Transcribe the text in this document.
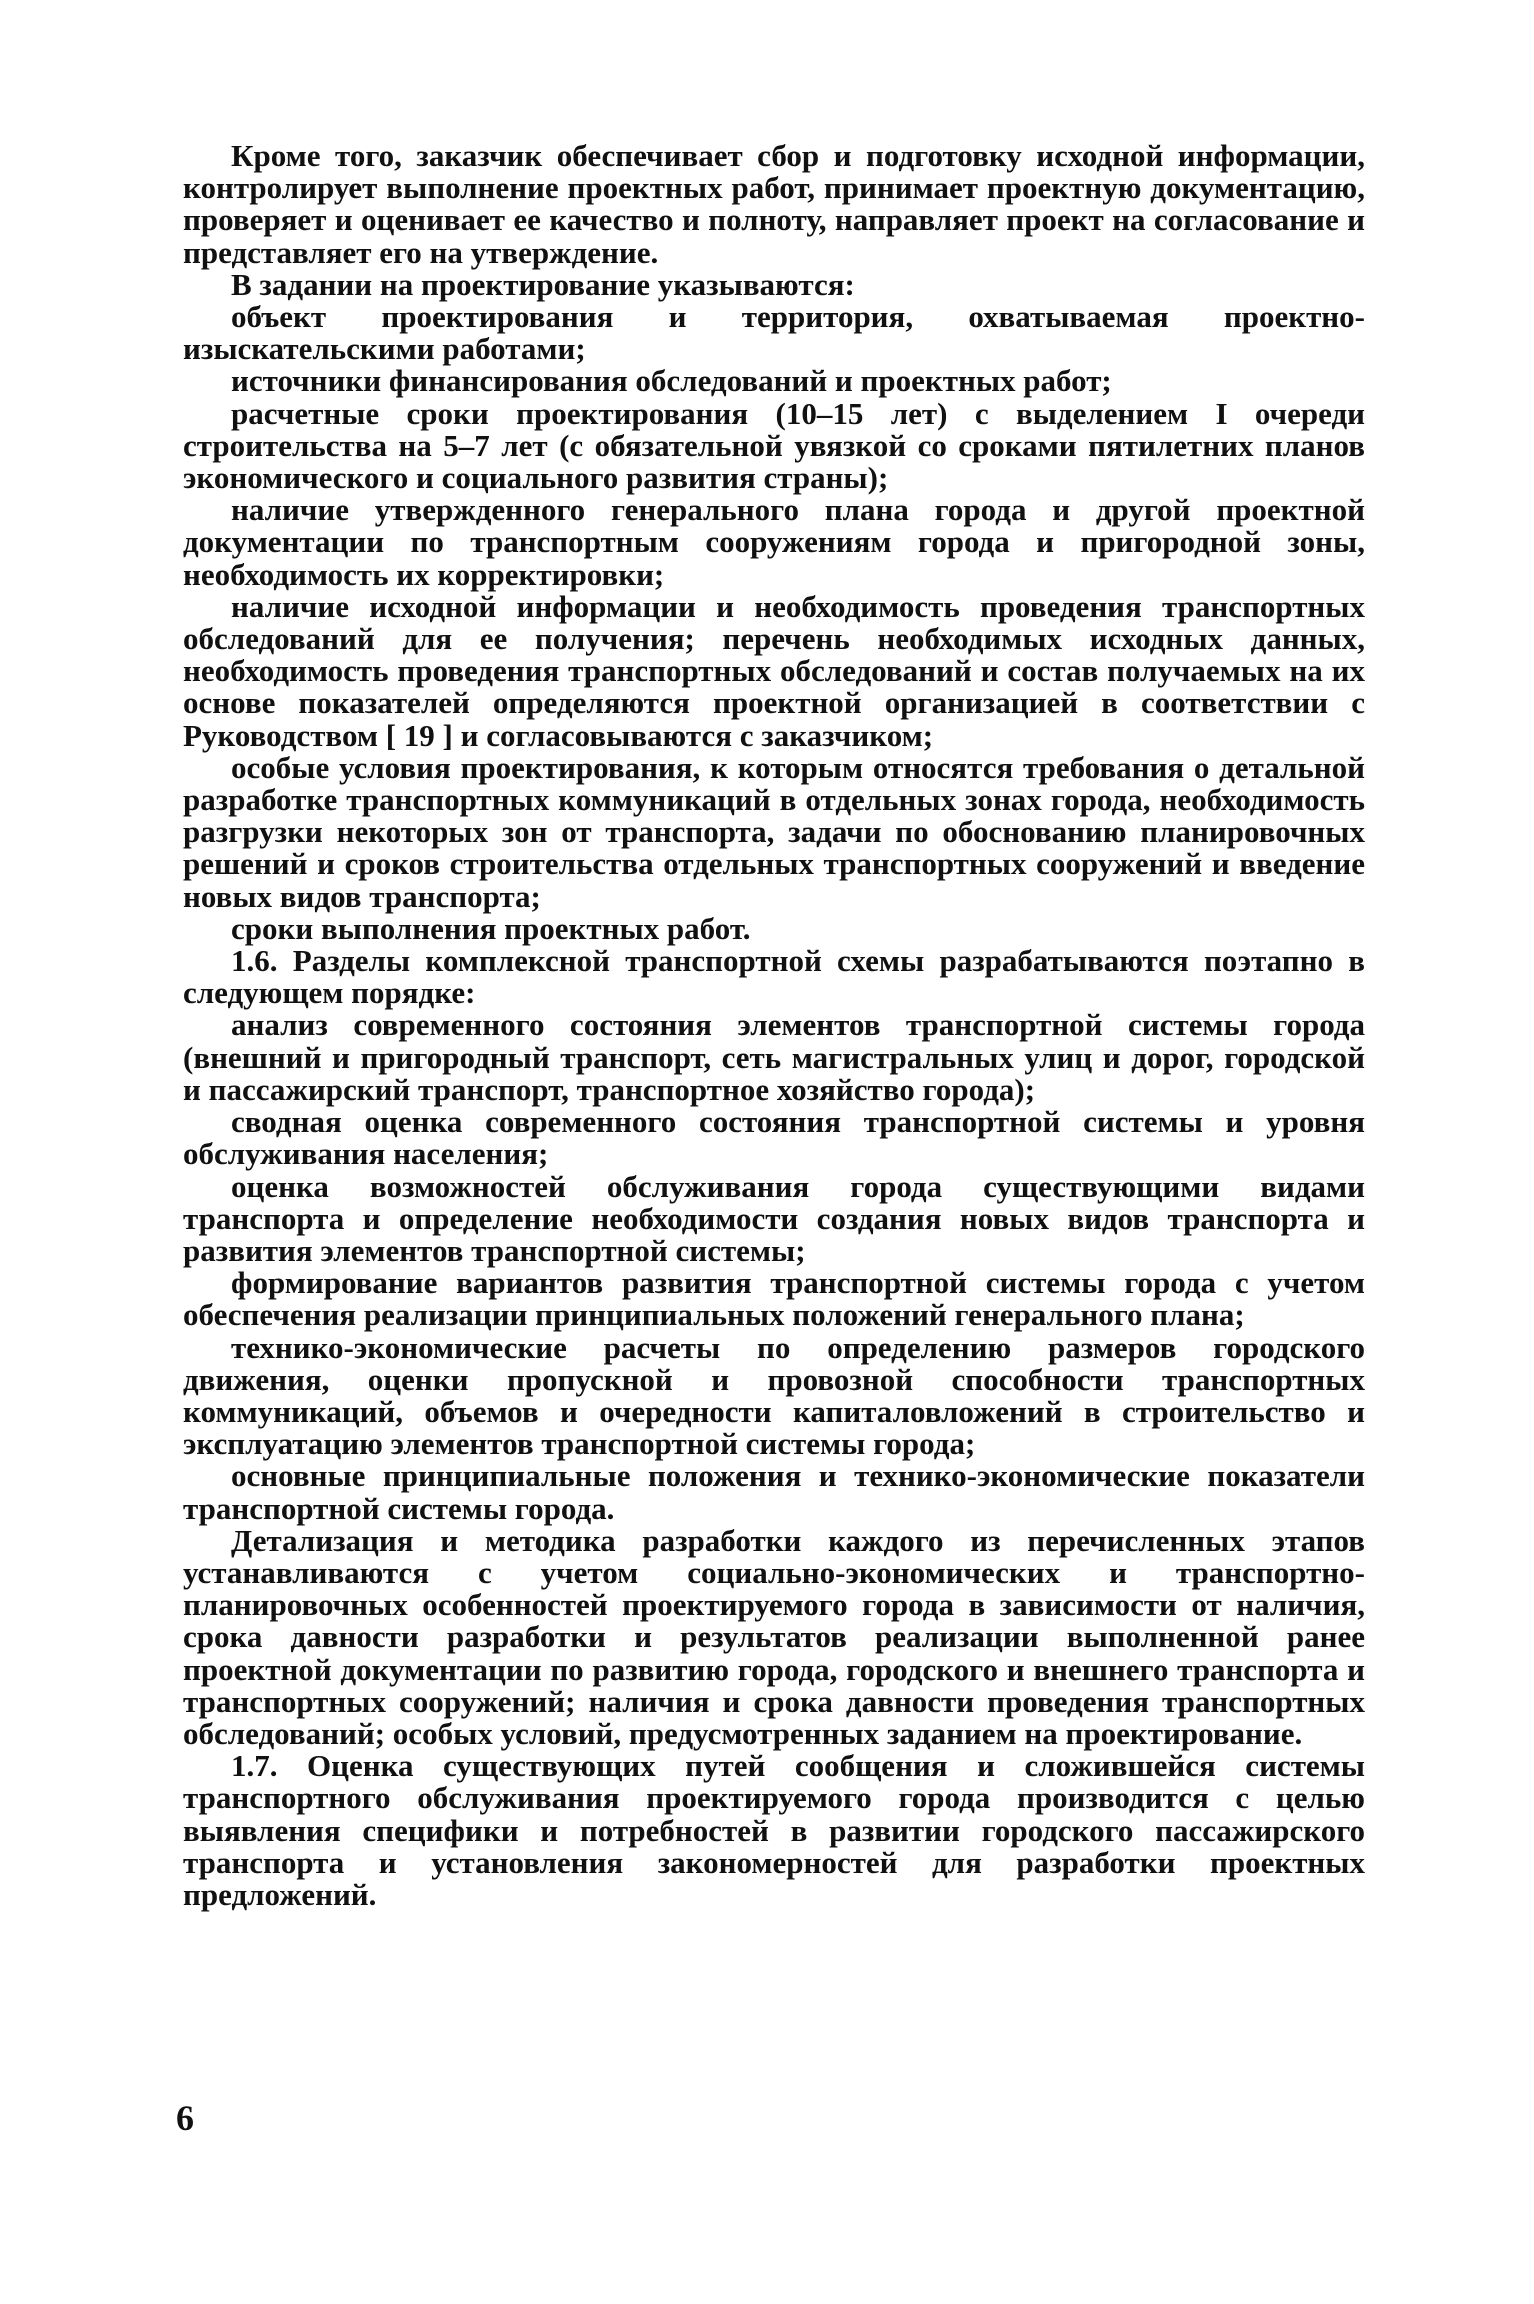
Кроме того, заказчик обеспечивает сбор и подготовку исходной информации, контролирует выполнение проектных работ, принимает проектную документацию, проверяет и оценивает ее качество и полноту, направляет проект на согласование и представляет его на утверждение.

В задании на проектирование указываются:

объект проектирования и территория, охватываемая проектно-изыскательскими работами;

источники финансирования обследований и проектных работ;

расчетные сроки проектирования (10–15 лет) с выделением I очереди строительства на 5–7 лет (с обязательной увязкой со сроками пятилетних планов экономического и социального развития страны);

наличие утвержденного генерального плана города и другой проектной документации по транспортным сооружениям города и пригородной зоны, необходимость их корректировки;

наличие исходной информации и необходимость проведения транспортных обследований для ее получения; перечень необходимых исходных данных, необходимость проведения транспортных обследований и состав получаемых на их основе показателей определяются проектной организацией в соответствии с Руководством [ 19 ] и согласовываются с заказчиком;

особые условия проектирования, к которым относятся требования о детальной разработке транспортных коммуникаций в отдельных зонах города, необходимость разгрузки некоторых зон от транспорта, задачи по обоснованию планировочных решений и сроков строительства отдельных транспортных сооружений и введение новых видов транспорта;

сроки выполнения проектных работ.

1.6. Разделы комплексной транспортной схемы разрабатываются поэтапно в следующем порядке:

анализ современного состояния элементов транспортной системы города (внешний и пригородный транспорт, сеть магистральных улиц и дорог, городской и пассажирский транспорт, транспортное хозяйство города);

сводная оценка современного состояния транспортной системы и уровня обслуживания населения;

оценка возможностей обслуживания города существующими видами транспорта и определение необходимости создания новых видов транспорта и развития элементов транспортной системы;

формирование вариантов развития транспортной системы города с учетом обеспечения реализации принципиальных положений генерального плана;

технико-экономические расчеты по определению размеров городского движения, оценки пропускной и провозной способности транспортных коммуникаций, объемов и очередности капиталовложений в строительство и эксплуатацию элементов транспортной системы города;

основные принципиальные положения и технико-экономические показатели транспортной системы города.

Детализация и методика разработки каждого из перечисленных этапов устанавливаются с учетом социально-экономических и транспортно-планировочных особенностей проектируемого города в зависимости от наличия, срока давности разработки и результатов реализации выполненной ранее проектной документации по развитию города, городского и внешнего транспорта и транспортных сооружений; наличия и срока давности проведения транспортных обследований; особых условий, предусмотренных заданием на проектирование.

1.7. Оценка существующих путей сообщения и сложившейся системы транспортного обслуживания проектируемого города производится с целью выявления специфики и потребностей в развитии городского пассажирского транспорта и установления закономерностей для разработки проектных предложений.

6
